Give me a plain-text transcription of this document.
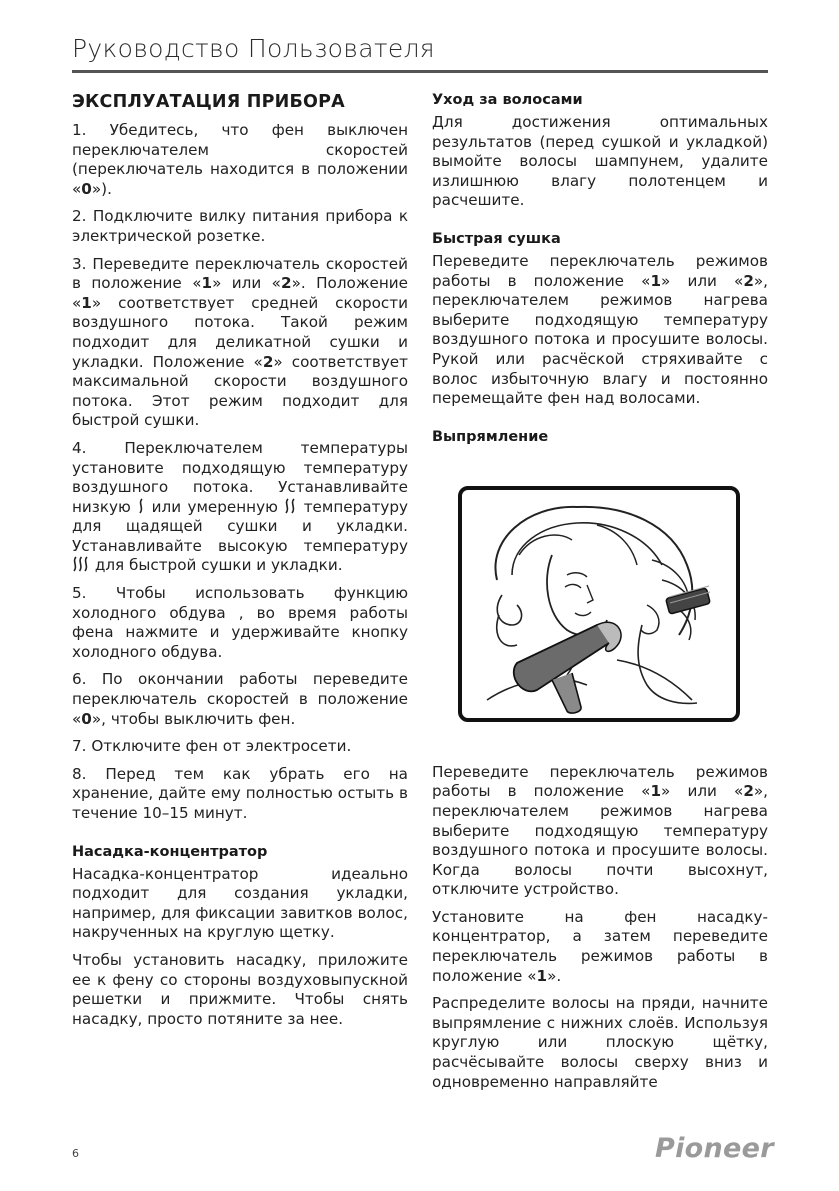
Руководство Пользователя
ЭКСПЛУАТАЦИЯ ПРИБОРА

1. Убедитесь, что фен выключен переключателем скоростей (переключатель находится в положении «0»).

2. Подключите вилку питания прибора к электрической розетке.

3. Переведите переключатель скоростей в положение «1» или «2». Положение «1» соответствует средней скорости воздушного потока. Такой режим подходит для деликатной сушки и укладки. Положение «2» соответствует максимальной скорости воздушного потока. Этот режим подходит для быстрой сушки.

4. Переключателем температуры установите подходящую температуру воздушного потока. Устанавливайте низкую или умеренную температуру для щадящей сушки и укладки. Устанавливайте высокую температуру  для быстрой сушки и укладки.

5. Чтобы использовать функцию холодного обдува , во время работы фена нажмите и удерживайте кнопку холодного обдува.

6. По окончании работы переведите переключатель скоростей в положение «0», чтобы выключить фен.

7. Отключите фен от электросети.

8. Перед тем как убрать его на хранение, дайте ему полностью остыть в течение 10–15 минут.

Насадка-концентратор

Насадка-концентратор идеально подходит для создания укладки, например, для фиксации завитков волос, накрученных на круглую щетку.

Чтобы установить насадку, приложите ее к фену со стороны воздуховыпускной решетки и прижмите. Чтобы снять насадку, просто потяните за нее.

Уход за волосами

Для достижения оптимальных результатов (перед сушкой и укладкой) вымойте волосы шампунем, удалите излишнюю влагу полотенцем и расчешите.

Быстрая сушка

Переведите переключатель режимов работы в положение «1» или «2», переключателем режимов нагрева выберите подходящую температуру воздушного потока и просушите волосы. Рукой или расчёской стряхивайте с волос избыточную влагу и постоянно перемещайте фен над волосами.

Выпрямление

Переведите переключатель режимов работы в положение «1» или «2», переключателем режимов нагрева выберите подходящую температуру воздушного потока и просушите волосы. Когда волосы почти высохнут, отключите устройство.

Установите на фен насадку-концентратор, а затем переведите переключатель режимов работы в положение «1».

Распределите волосы на пряди, начните выпрямление с нижних слоёв. Используя круглую или плоскую щётку, расчёсывайте волосы сверху вниз и одновременно направляйте

6	Pioneer
